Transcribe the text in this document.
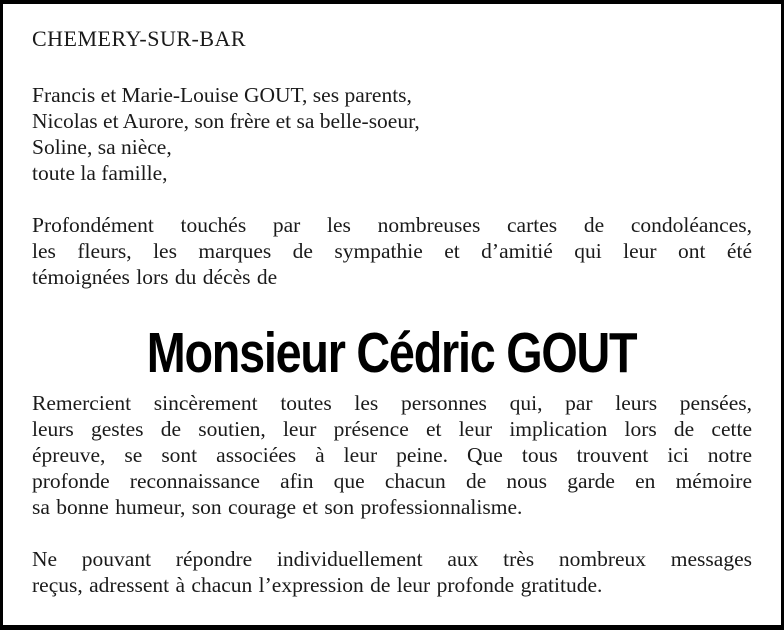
CHEMERY-SUR-BAR
Francis et Marie-Louise GOUT, ses parents,
Nicolas et Aurore, son frère et sa belle-soeur,
Soline, sa nièce,
toute la famille,
Profondément touchés par les nombreuses cartes de condoléances,
les fleurs, les marques de sympathie et d’amitié qui leur ont été
témoignées lors du décès de
Monsieur Cédric GOUT
Remercient sincèrement toutes les personnes qui, par leurs pensées,
leurs gestes de soutien, leur présence et leur implication lors de cette
épreuve, se sont associées à leur peine. Que tous trouvent ici notre
profonde reconnaissance afin que chacun de nous garde en mémoire
sa bonne humeur, son courage et son professionnalisme.
Ne pouvant répondre individuellement aux très nombreux messages
reçus, adressent à chacun l’expression de leur profonde gratitude.
